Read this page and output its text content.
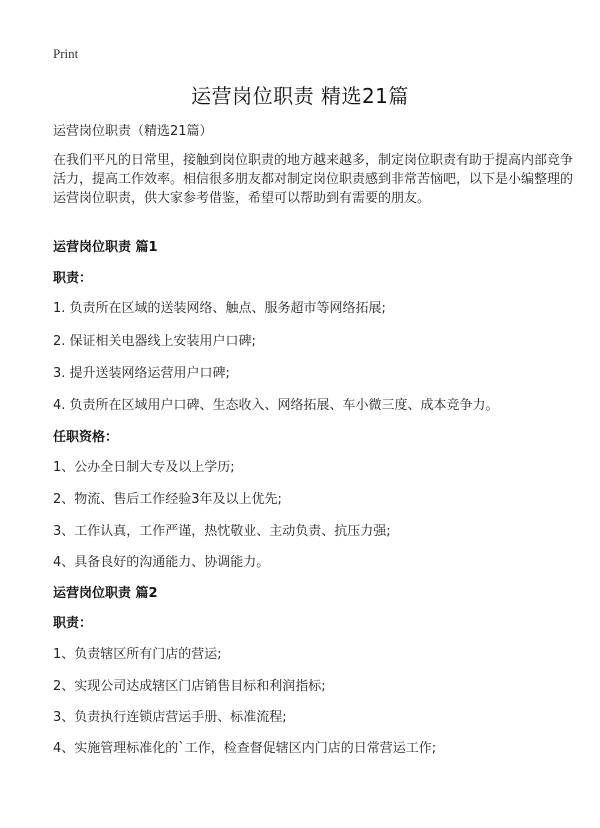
Print
运营岗位职责 精选21篇
运营岗位职责（精选21篇）
在我们平凡的日常里，接触到岗位职责的地方越来越多，制定岗位职责有助于提高内部竞争活力，提高工作效率。相信很多朋友都对制定岗位职责感到非常苦恼吧，以下是小编整理的运营岗位职责，供大家参考借鉴，希望可以帮助到有需要的朋友。
运营岗位职责 篇1
职责：
1. 负责所在区域的送装网络、触点、服务超市等网络拓展;
2. 保证相关电器线上安装用户口碑;
3. 提升送装网络运营用户口碑;
4. 负责所在区域用户口碑、生态收入、网络拓展、车小微三度、成本竞争力。
任职资格：
1、公办全日制大专及以上学历;
2、物流、售后工作经验3年及以上优先;
3、工作认真，工作严谨，热忱敬业、主动负责、抗压力强;
4、具备良好的沟通能力、协调能力。
运营岗位职责 篇2
职责：
1、负责辖区所有门店的营运;
2、实现公司达成辖区门店销售目标和利润指标;
3、负责执行连锁店营运手册、标准流程;
4、实施管理标准化的`工作，检查督促辖区内门店的日常营运工作;
